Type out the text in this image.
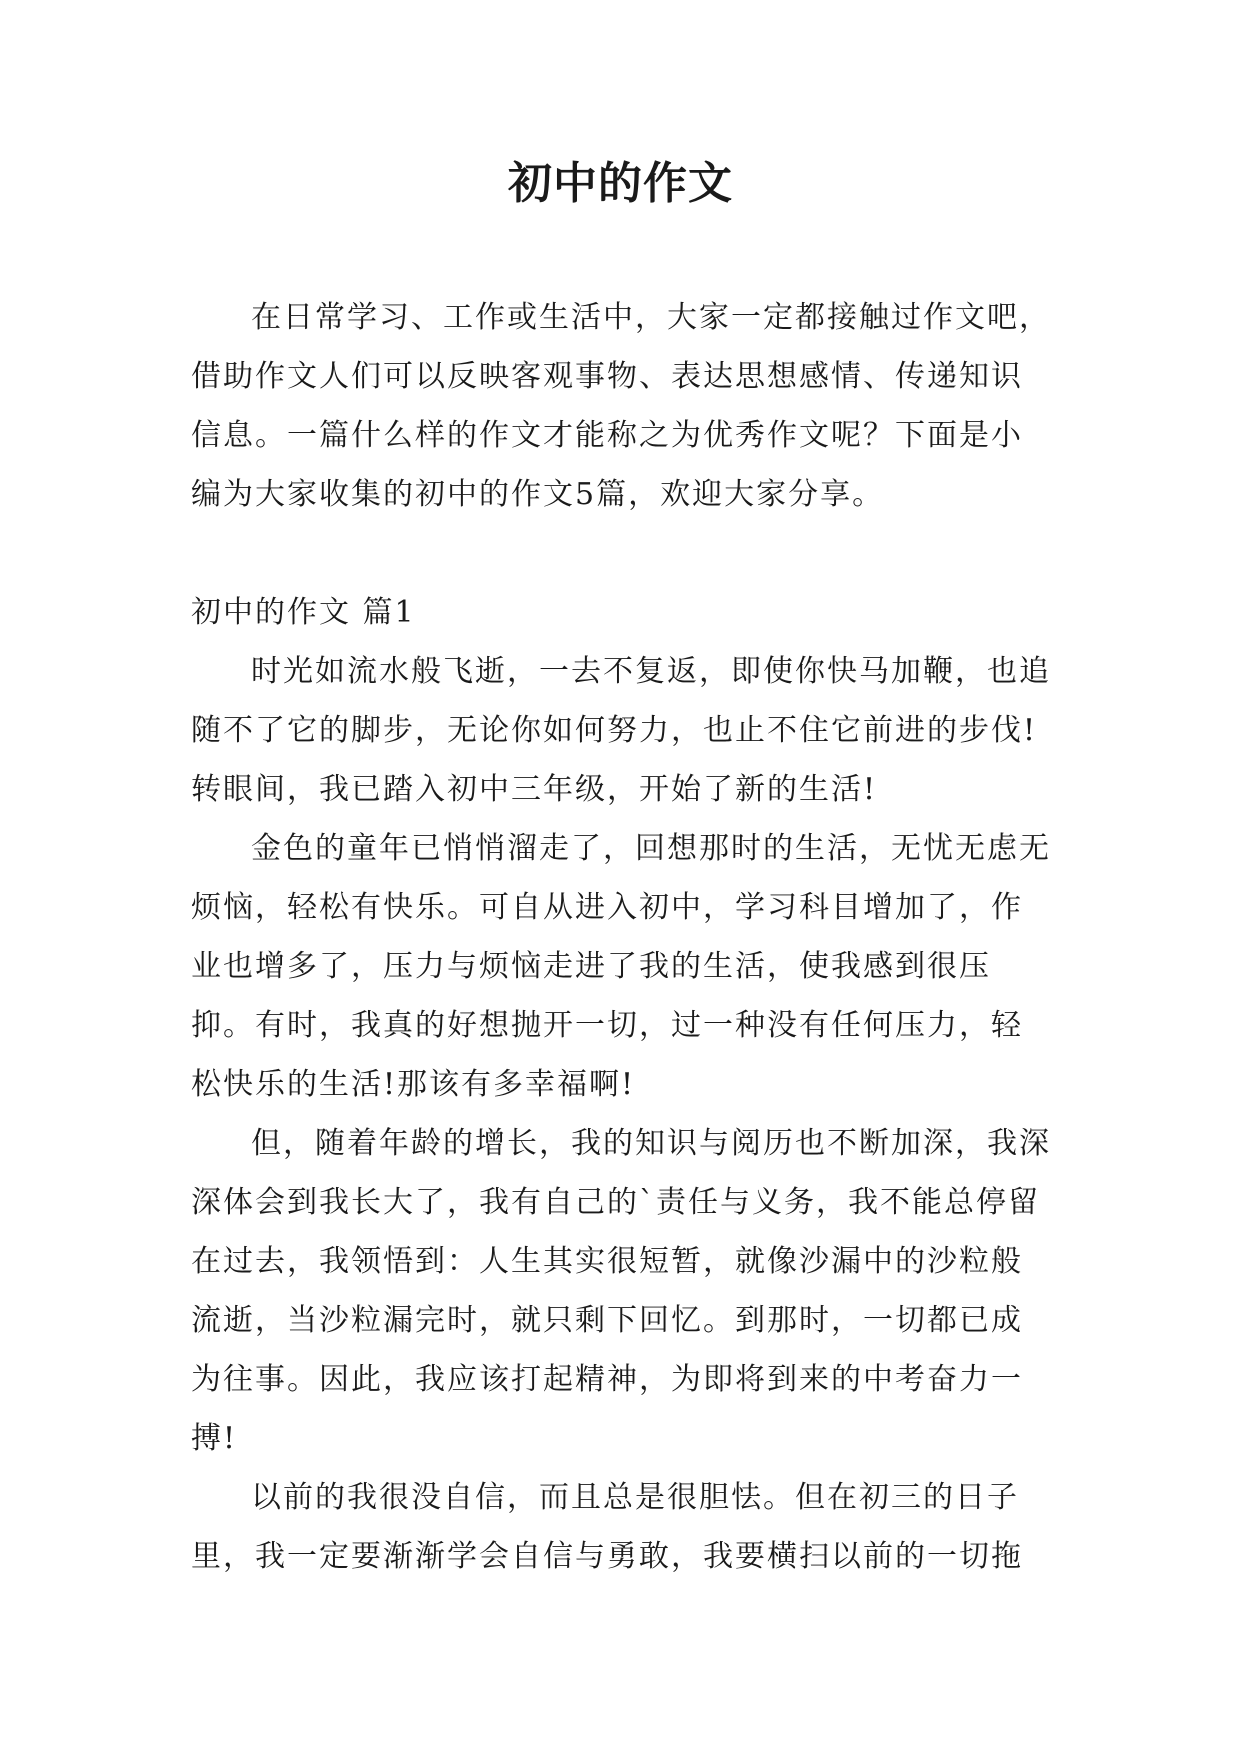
初中的作文

在日常学习、工作或生活中，大家一定都接触过作文吧，借助作文人们可以反映客观事物、表达思想感情、传递知识信息。一篇什么样的作文才能称之为优秀作文呢？下面是小编为大家收集的初中的作文5篇，欢迎大家分享。

初中的作文 篇1

时光如流水般飞逝，一去不复返，即使你快马加鞭，也追随不了它的脚步，无论你如何努力，也止不住它前进的步伐!转眼间，我已踏入初中三年级，开始了新的生活!

金色的童年已悄悄溜走了，回想那时的生活，无忧无虑无烦恼，轻松有快乐。可自从进入初中，学习科目增加了，作业也增多了，压力与烦恼走进了我的生活，使我感到很压抑。有时，我真的好想抛开一切，过一种没有任何压力，轻松快乐的生活!那该有多幸福啊!

但，随着年龄的增长，我的知识与阅历也不断加深，我深深体会到我长大了，我有自己的`责任与义务，我不能总停留在过去，我领悟到：人生其实很短暂，就像沙漏中的沙粒般流逝，当沙粒漏完时，就只剩下回忆。到那时，一切都已成为往事。因此，我应该打起精神，为即将到来的中考奋力一搏!

以前的我很没自信，而且总是很胆怯。但在初三的日子里，我一定要渐渐学会自信与勇敢，我要横扫以前的一切拖
